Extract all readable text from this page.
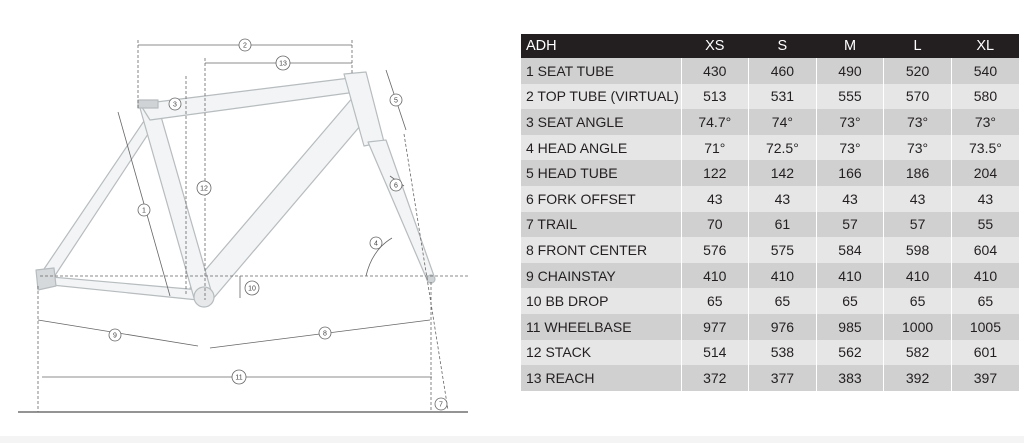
1
2
3
4
5
6
7
8
9
10
11
12
13
ADH	XS	S	M	L	XL
1 SEAT TUBE	430	460	490	520	540
2 TOP TUBE (VIRTUAL)	513	531	555	570	580
3 SEAT ANGLE	74.7°	74°	73°	73°	73°
4 HEAD ANGLE	71°	72.5°	73°	73°	73.5°
5 HEAD TUBE	122	142	166	186	204
6 FORK OFFSET	43	43	43	43	43
7 TRAIL	70	61	57	57	55
8 FRONT CENTER	576	575	584	598	604
9 CHAINSTAY	410	410	410	410	410
10 BB DROP	65	65	65	65	65
11 WHEELBASE	977	976	985	1000	1005
12 STACK	514	538	562	582	601
13 REACH	372	377	383	392	397
